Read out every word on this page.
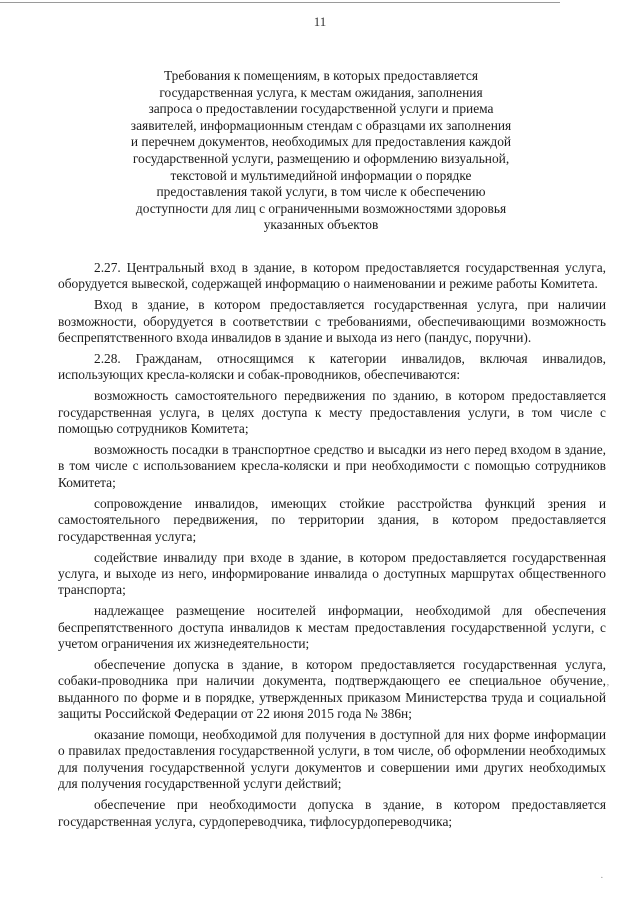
11
Требования к помещениям, в которых предоставляется
государственная услуга, к местам ожидания, заполнения
запроса о предоставлении государственной услуги и приема
заявителей, информационным стендам с образцами их заполнения
и перечнем документов, необходимых для предоставления каждой
государственной услуги, размещению и оформлению визуальной,
текстовой и мультимедийной информации о порядке
предоставления такой услуги, в том числе к обеспечению
доступности для лиц с ограниченными возможностями здоровья
указанных объектов

2.27. Центральный вход в здание, в котором предоставляется государственная услуга, оборудуется вывеской, содержащей информацию о наименовании и режиме работы Комитета.

Вход в здание, в котором предоставляется государственная услуга, при наличии возможности, оборудуется в соответствии с требованиями, обеспечивающими возможность беспрепятственного входа инвалидов в здание и выхода из него (пандус, поручни).

2.28. Гражданам, относящимся к категории инвалидов, включая инвалидов, использующих кресла-коляски и собак-проводников, обеспечиваются:

возможность самостоятельного передвижения по зданию, в котором предоставляется государственная услуга, в целях доступа к месту предоставления услуги, в том числе с помощью сотрудников Комитета;

возможность посадки в транспортное средство и высадки из него перед входом в здание, в том числе с использованием кресла-коляски и при необходимости с помощью сотрудников Комитета;

сопровождение инвалидов, имеющих стойкие расстройства функций зрения и самостоятельного передвижения, по территории здания, в котором предоставляется государственная услуга;

содействие инвалиду при входе в здание, в котором предоставляется государственная услуга, и выходе из него, информирование инвалида о доступных маршрутах общественного транспорта;

надлежащее размещение носителей информации, необходимой для обеспечения беспрепятственного доступа инвалидов к местам предоставления государственной услуги, с учетом ограничения их жизнедеятельности;

обеспечение допуска в здание, в котором предоставляется государственная услуга, собаки-проводника при наличии документа, подтверждающего ее специальное обучение, выданного по форме и в порядке, утвержденных приказом Министерства труда и социальной защиты Российской Федерации от 22 июня 2015 года № 386н;

оказание помощи, необходимой для получения в доступной для них форме информации о правилах предоставления государственной услуги, в том числе, об оформлении необходимых для получения государственной услуги документов и совершении ими других необходимых для получения государственной услуги действий;

обеспечение при необходимости допуска в здание, в котором предоставляется государственная услуга, сурдопереводчика, тифлосурдопереводчика;

‚
·
